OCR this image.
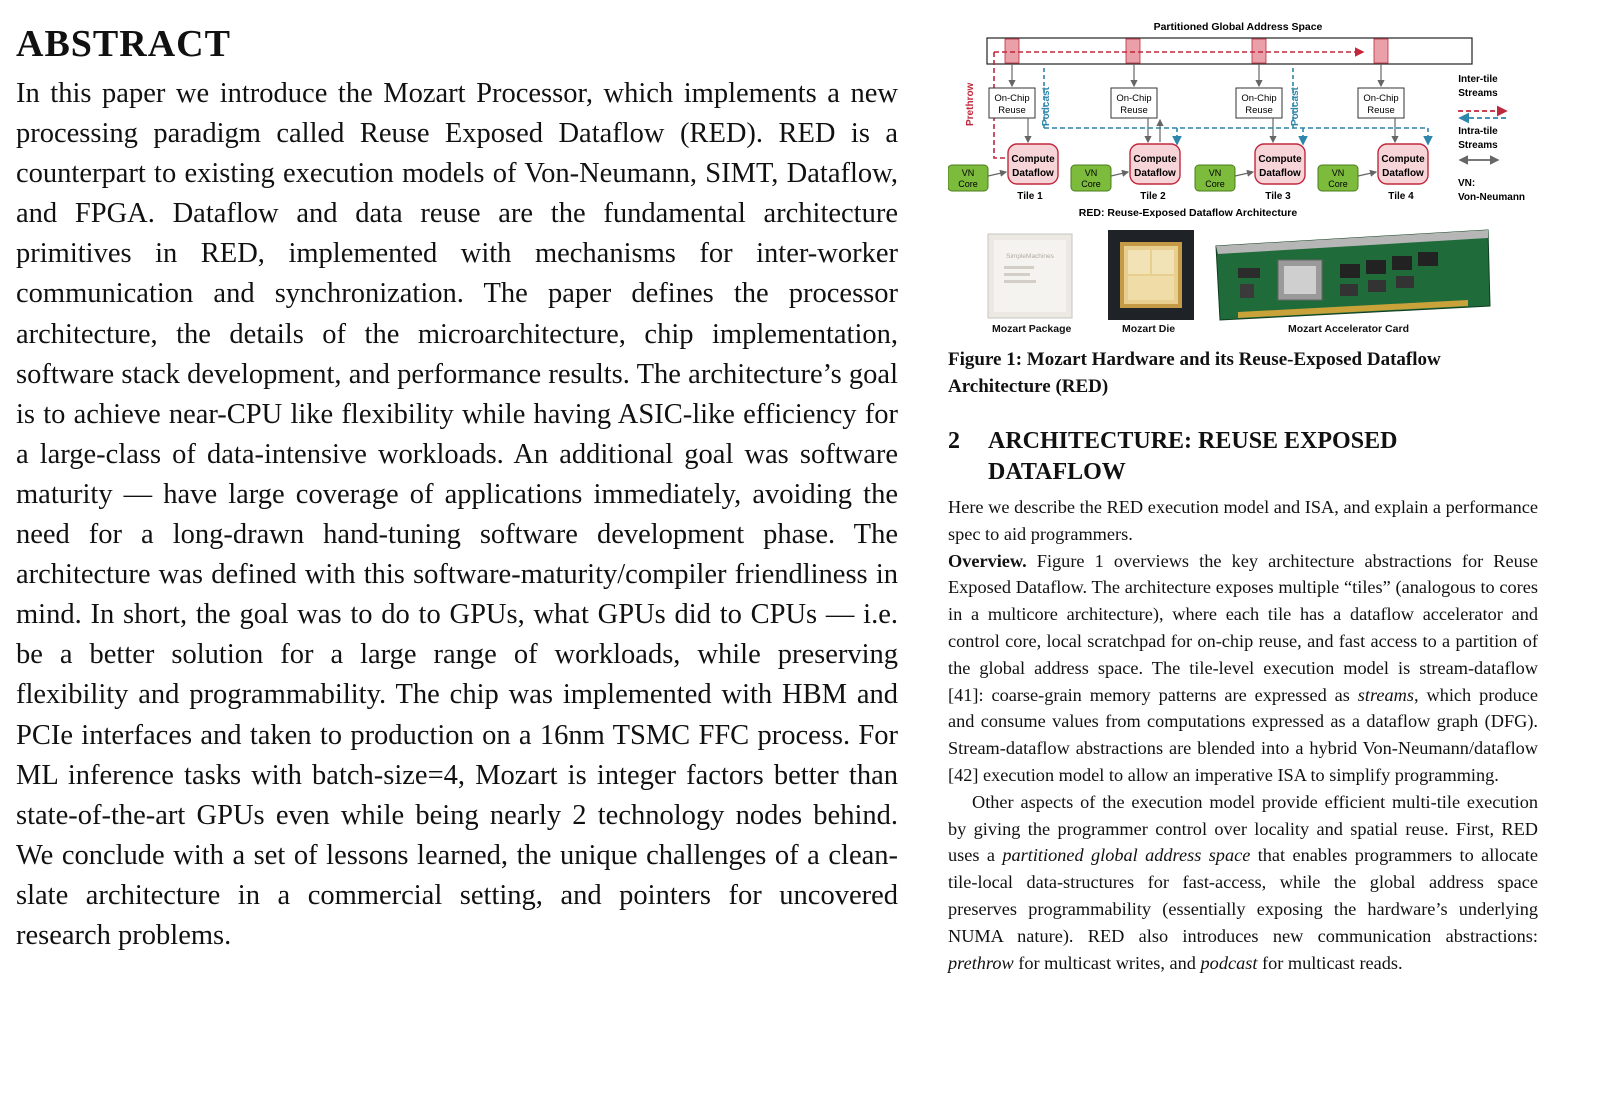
ABSTRACT

In this paper we introduce the Mozart Processor, which implements a new processing paradigm called Reuse Exposed Dataflow (RED). RED is a counterpart to existing execution models of Von-Neumann, SIMT, Dataflow, and FPGA. Dataflow and data reuse are the fundamental architecture primitives in RED, implemented with mechanisms for inter-worker communication and synchronization. The paper defines the processor architecture, the details of the microarchitecture, chip implementation, software stack development, and performance results. The architecture’s goal is to achieve near-CPU like flexibility while having ASIC-like efficiency for a large-class of data-intensive workloads. An additional goal was software maturity — have large coverage of applications immediately, avoiding the need for a long-drawn hand-tuning software development phase. The architecture was defined with this software-maturity/compiler friendliness in mind. In short, the goal was to do to GPUs, what GPUs did to CPUs — i.e. be a better solution for a large range of workloads, while preserving flexibility and programmability. The chip was implemented with HBM and PCIe interfaces and taken to production on a 16nm TSMC FFC process. For ML inference tasks with batch-size=4, Mozart is integer factors better than state-of-the-art GPUs even while being nearly 2 technology nodes behind. We conclude with a set of lessons learned, the unique challenges of a clean-slate architecture in a commercial setting, and pointers for uncovered research problems.

Partitioned Global Address Space
Prethrow	Podcast	Podcast
On-Chip
Reuse
Compute
Dataflow
VN
Core
Tile 1
On-Chip
Reuse
Compute
Dataflow
VN
Core
Tile 2
On-Chip
Reuse
Compute
Dataflow
VN
Core
Tile 3
On-Chip
Reuse
Compute
Dataflow
VN
Core
Tile 4
RED: Reuse-Exposed Dataflow Architecture
Inter-tile
Streams
Intra-tile
Streams
VN:
Von-Neumann
SimpleMachines
Mozart Package	Mozart Die	Mozart Accelerator Card

Figure 1: Mozart Hardware and its Reuse-Exposed Dataflow Architecture (RED)

2	ARCHITECTURE: REUSE EXPOSED DATAFLOW

Here we describe the RED execution model and ISA, and explain a performance spec to aid programmers.

Overview. Figure 1 overviews the key architecture abstractions for Reuse Exposed Dataflow. The architecture exposes multiple “tiles” (analogous to cores in a multicore architecture), where each tile has a dataflow accelerator and control core, local scratchpad for on-chip reuse, and fast access to a partition of the global address space. The tile-level execution model is stream-dataflow [41]: coarse-grain memory patterns are expressed as streams, which produce and consume values from computations expressed as a dataflow graph (DFG). Stream-dataflow abstractions are blended into a hybrid Von-Neumann/dataflow [42] execution model to allow an imperative ISA to simplify programming.

Other aspects of the execution model provide efficient multi-tile execution by giving the programmer control over locality and spatial reuse. First, RED uses a partitioned global address space that enables programmers to allocate tile-local data-structures for fast-access, while the global address space preserves programmability (essentially exposing the hardware’s underlying NUMA nature). RED also introduces new communication abstractions: prethrow for multicast writes, and podcast for multicast reads.
